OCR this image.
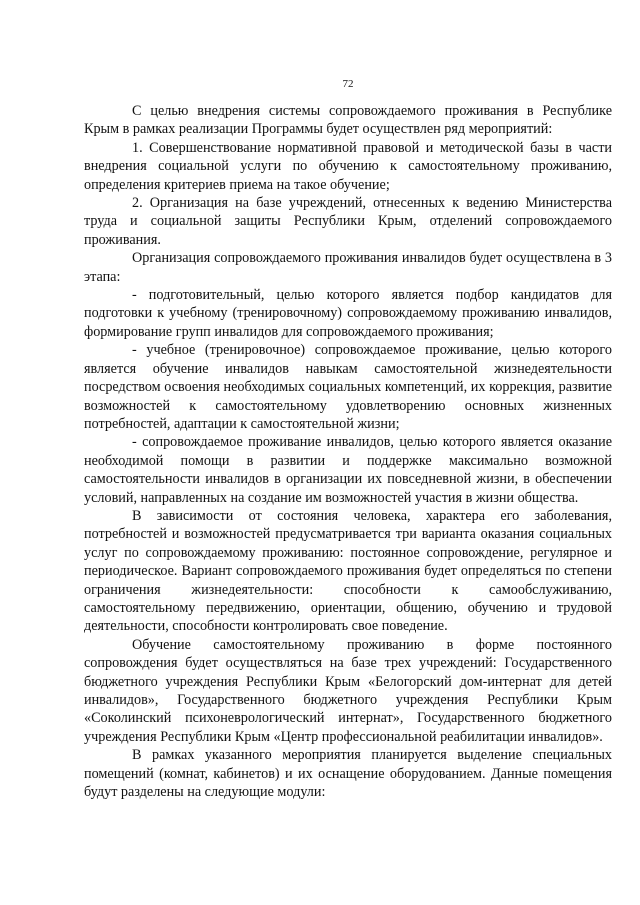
72

С целью внедрения системы сопровождаемого проживания в Республике Крым в рамках реализации Программы будет осуществлен ряд мероприятий:

1. Совершенствование нормативной правовой и методической базы в части внедрения социальной услуги по обучению к самостоятельному проживанию, определения критериев приема на такое обучение;

2. Организация на базе учреждений, отнесенных к ведению Министерства труда и социальной защиты Республики Крым, отделений сопровождаемого проживания.

Организация сопровождаемого проживания инвалидов будет осуществлена в 3 этапа:

- подготовительный, целью которого является подбор кандидатов для подготовки к учебному (тренировочному) сопровождаемому проживанию инвалидов, формирование групп инвалидов для сопровождаемого проживания;

- учебное (тренировочное) сопровождаемое проживание, целью которого является обучение инвалидов навыкам самостоятельной жизнедеятельности посредством освоения необходимых социальных компетенций, их коррекция, развитие возможностей к самостоятельному удовлетворению основных жизненных потребностей, адаптации к самостоятельной жизни;

- сопровождаемое проживание инвалидов, целью которого является оказание необходимой помощи в развитии и поддержке максимально возможной самостоятельности инвалидов в организации их повседневной жизни, в обеспечении условий, направленных на создание им возможностей участия в жизни общества.

В зависимости от состояния человека, характера его заболевания, потребностей и возможностей предусматривается три варианта оказания социальных услуг по сопровождаемому проживанию: постоянное сопровождение, регулярное и периодическое. Вариант сопровождаемого проживания будет определяться по степени ограничения жизнедеятельности: способности к самообслуживанию, самостоятельному передвижению, ориентации, общению, обучению и трудовой деятельности, способности контролировать свое поведение.

Обучение самостоятельному проживанию в форме постоянного сопровождения будет осуществляться на базе трех учреждений: Государственного бюджетного учреждения Республики Крым «Белогорский дом-интернат для детей инвалидов», Государственного бюджетного учреждения Республики Крым «Соколинский психоневрологический интернат», Государственного бюджетного учреждения Республики Крым «Центр профессиональной реабилитации инвалидов».

В рамках указанного мероприятия планируется выделение специальных помещений (комнат, кабинетов) и их оснащение оборудованием. Данные помещения будут разделены на следующие модули:
